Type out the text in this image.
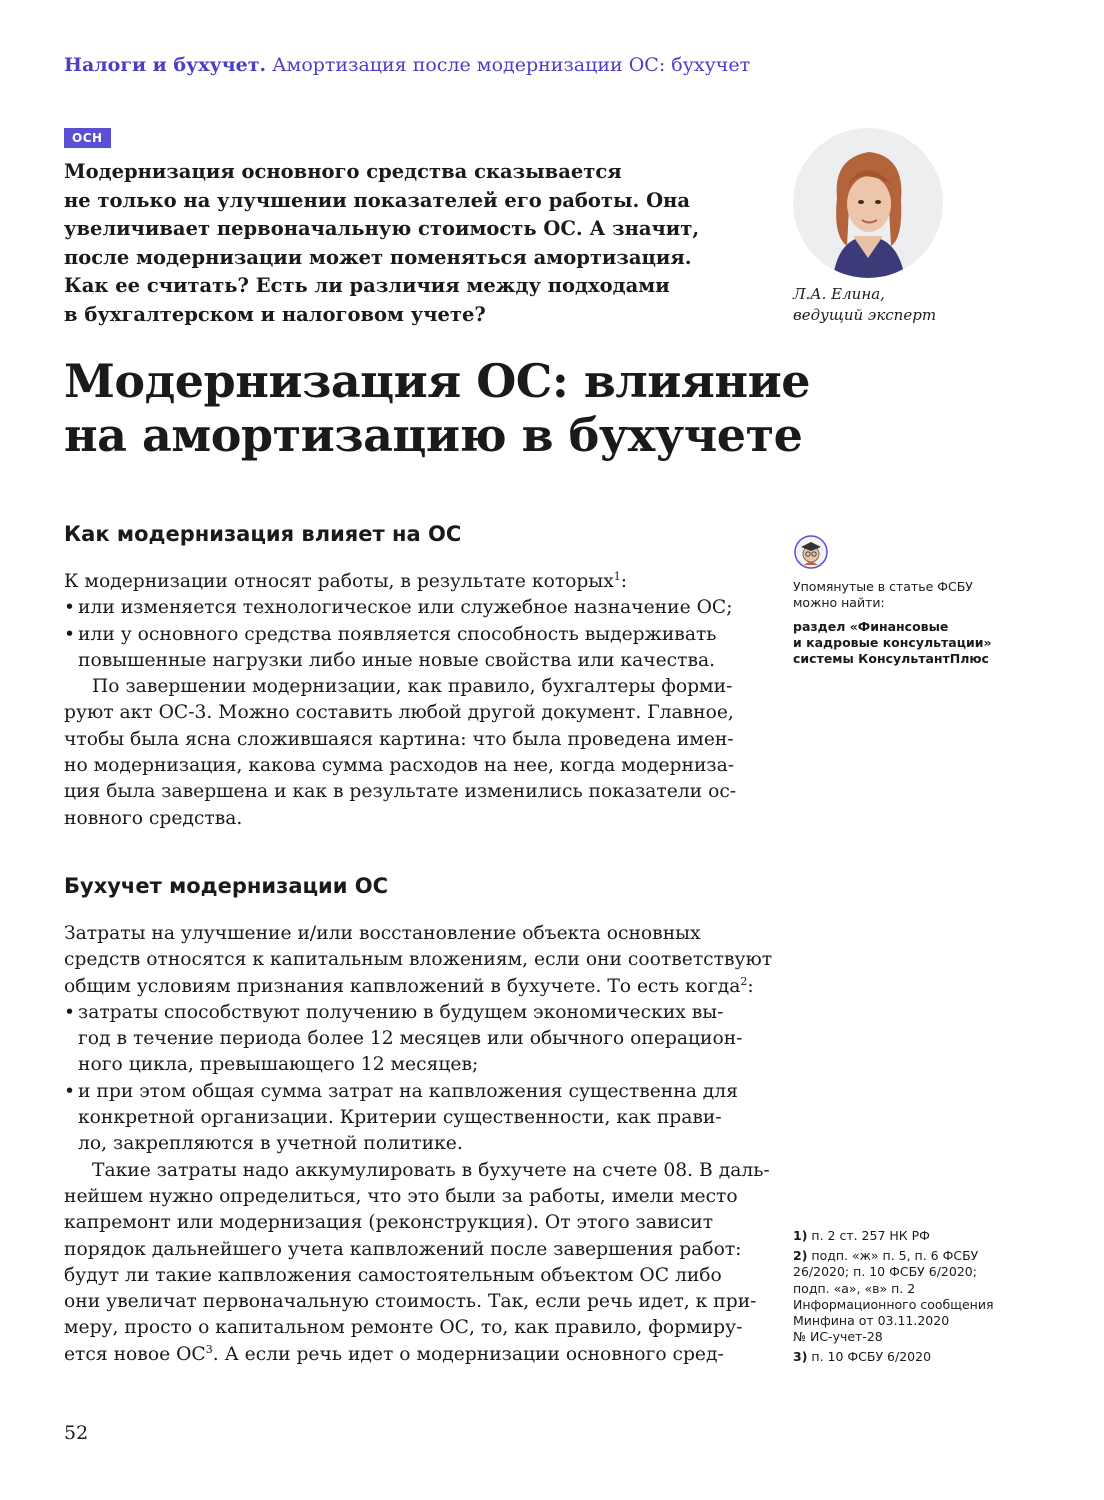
Налоги и бухучет. Амортизация после модернизации ОС: бухучет
ОСН
Модернизация основного средства сказывается
не только на улучшении показателей его работы. Она
увеличивает первоначальную стоимость ОС. А значит,
после модернизации может поменяться амортизация.
Как ее считать? Есть ли различия между подходами
в бухгалтерском и налоговом учете?
Л.А. Елина,
ведущий эксперт
Модернизация ОС: влияние
на амортизацию в бухучете
Как модернизация влияет на ОС
К модернизации относят работы, в результате которых$^1$:
• или изменяется технологическое или служебное назначение ОС;
• или у основного средства появляется способность выдерживать
повышенные нагрузки либо иные новые свойства или качества.
По завершении модернизации, как правило, бухгалтеры форми-
руют акт ОС-3. Можно составить любой другой документ. Главное,
чтобы была ясна сложившаяся картина: что была проведена имен-
но модернизация, какова сумма расходов на нее, когда модерниза-
ция была завершена и как в результате изменились показатели ос-
новного средства.
Бухучет модернизации ОС
Затраты на улучшение и/или восстановление объекта основных
средств относятся к капитальным вложениям, если они соответствуют
общим условиям признания капвложений в бухучете. То есть когда$^2$:
• затраты способствуют получению в будущем экономических вы-
год в течение периода более 12 месяцев или обычного операцион-
ного цикла, превышающего 12 месяцев;
• и при этом общая сумма затрат на капвложения существенна для
конкретной организации. Критерии существенности, как прави-
ло, закрепляются в учетной политике.
Такие затраты надо аккумулировать в бухучете на счете 08. В даль-
нейшем нужно определиться, что это были за работы, имели место
капремонт или модернизация (реконструкция). От этого зависит
порядок дальнейшего учета капвложений после завершения работ:
будут ли такие капвложения самостоятельным объектом ОС либо
они увеличат первоначальную стоимость. Так, если речь идет, к при-
меру, просто о капитальном ремонте ОС, то, как правило, формиру-
ется новое $ОС^3$. А если речь идет о модернизации основного сред-
Упомянутые в статье ФСБУ
можно найти:
раздел «Финансовые
и кадровые консультации»
системы КонсультантПлюс
1) п. 2 ст. 257 НК РФ
2) подп. «ж» п. 5, п. 6 ФСБУ
26/2020; п. 10 ФСБУ 6/2020;
подп. «а», «в» п. 2
Информационного сообщения
Минфина от 03.11.2020
№ ИС-учет-28
3) п. 10 ФСБУ 6/2020
52
